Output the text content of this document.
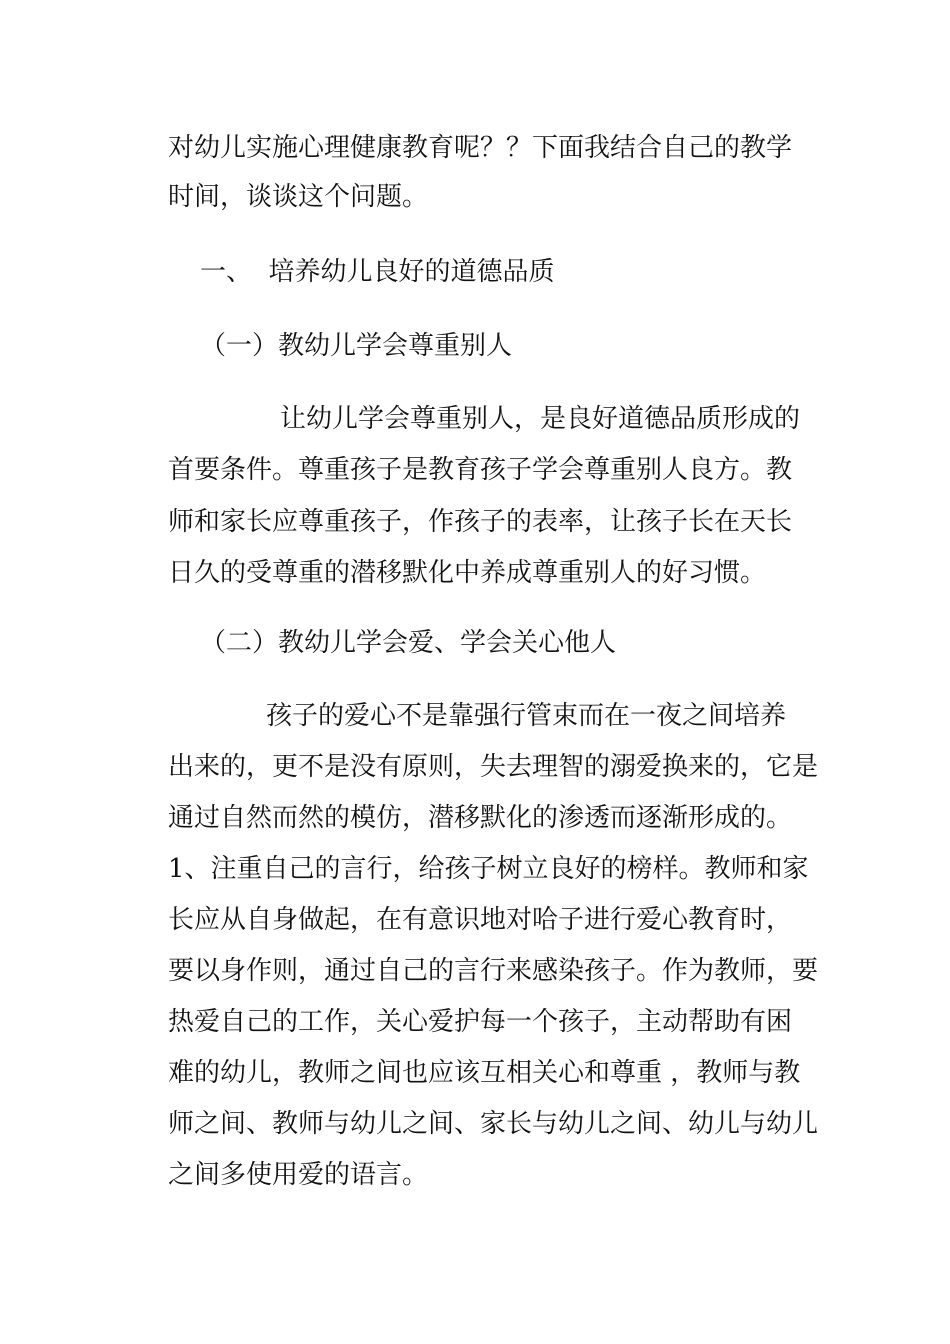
对幼儿实施心理健康教育呢？？下面我结合自己的教学
时间，谈谈这个问题。
一、  培养幼儿良好的道德品质
（一）教幼儿学会尊重别人
让幼儿学会尊重别人，是良好道德品质形成的
首要条件。尊重孩子是教育孩子学会尊重别人良方。教
师和家长应尊重孩子，作孩子的表率，让孩子长在天长
日久的受尊重的潜移默化中养成尊重别人的好习惯。
（二）教幼儿学会爱、学会关心他人
孩子的爱心不是靠强行管束而在一夜之间培养
出来的，更不是没有原则，失去理智的溺爱换来的，它是
通过自然而然的模仿，潜移默化的渗透而逐渐形成的。
1、注重自己的言行，给孩子树立良好的榜样。教师和家
长应从自身做起，在有意识地对哈子进行爱心教育时，
要以身作则，通过自己的言行来感染孩子。作为教师，要
热爱自己的工作，关心爱护每一个孩子，主动帮助有困
难的幼儿，教师之间也应该互相关心和尊重 ，教师与教
师之间、教师与幼儿之间、家长与幼儿之间、幼儿与幼儿
之间多使用爱的语言。
